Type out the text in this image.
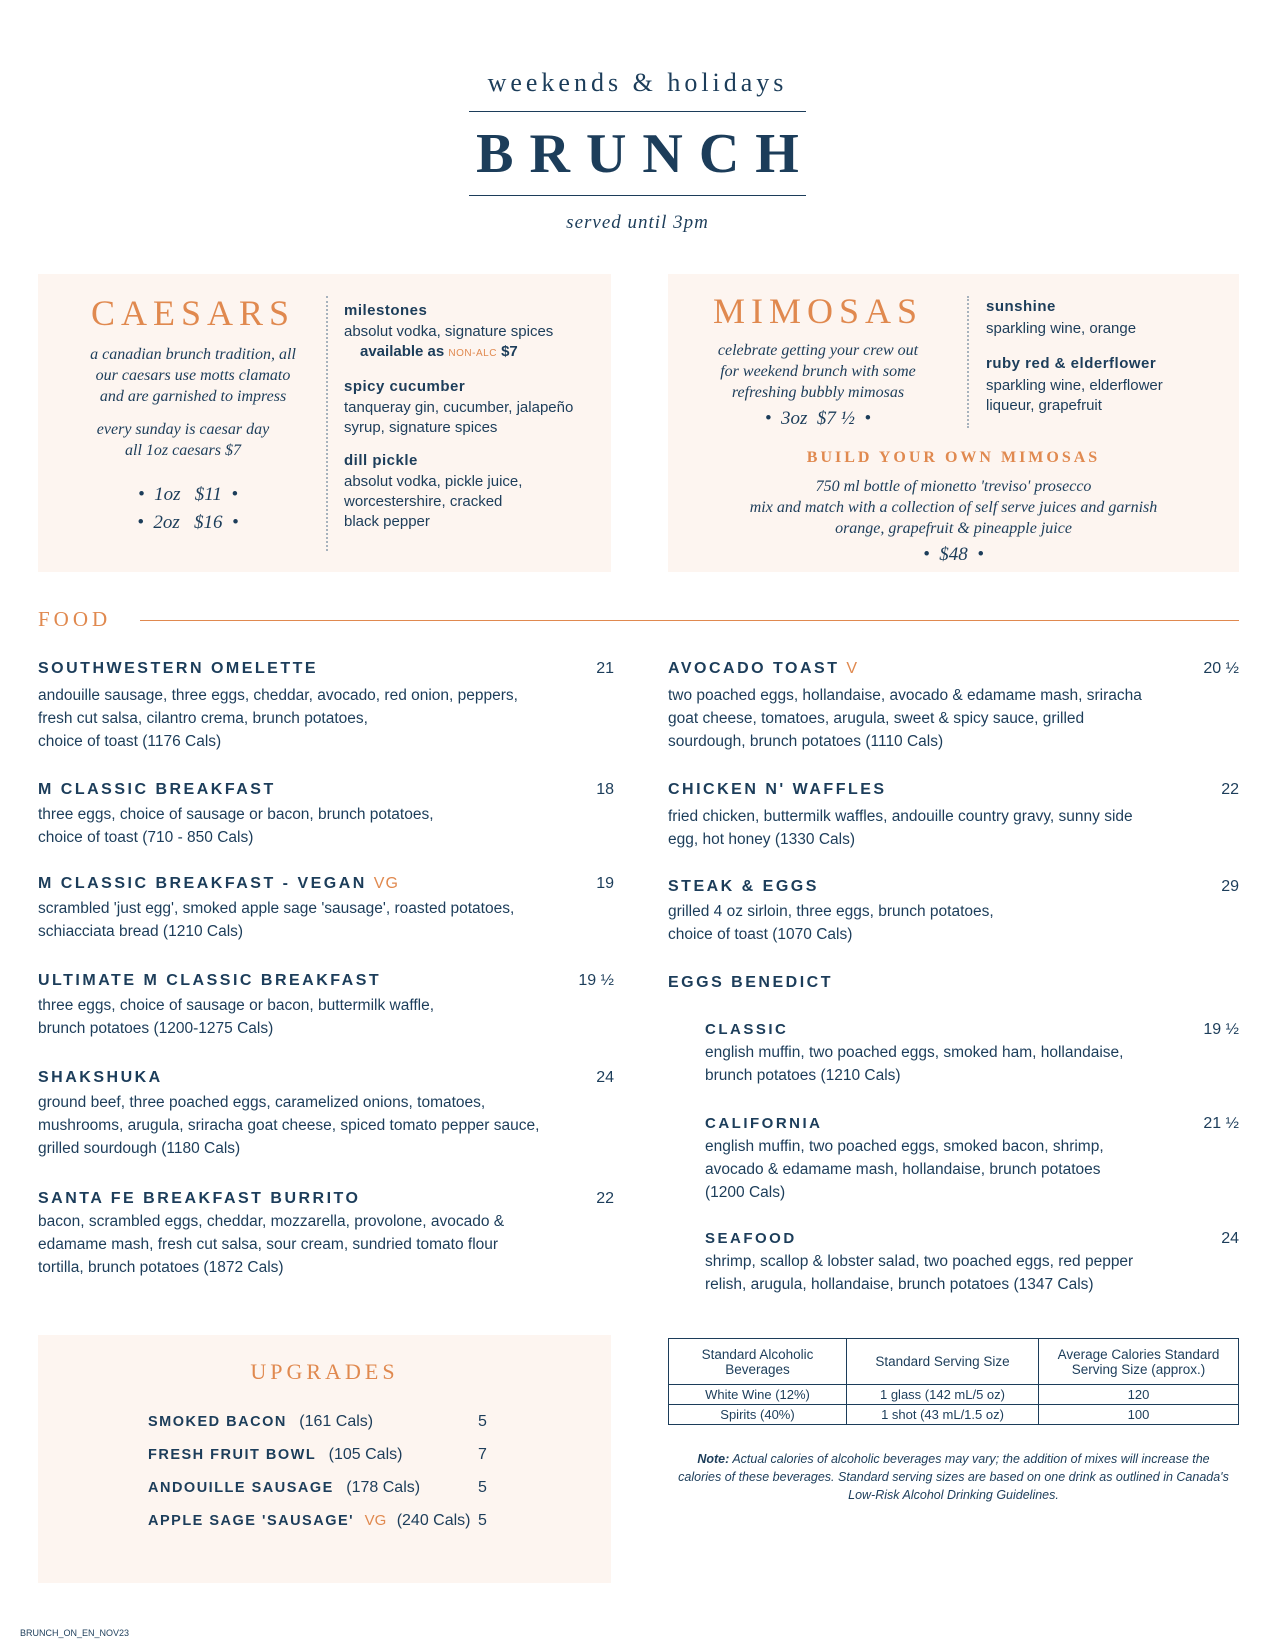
weekends & holidays
BRUNCH
served until 3pm
CAESARS
a canadian brunch tradition, all
our caesars use motts clamato
and are garnished to impress
every sunday is caesar day
all 1oz caesars $7
•  1oz   $11  •
•  2oz   $16  •
milestones
absolut vodka, signature spices
available as NON-ALC $7
spicy cucumber
tanqueray gin, cucumber, jalapeño
syrup, signature spices
dill pickle
absolut vodka, pickle juice,
worcestershire, cracked
black pepper
MIMOSAS
celebrate getting your crew out
for weekend brunch with some
refreshing bubbly mimosas
•  3oz  $7 ½  •
sunshine
sparkling wine, orange
ruby red & elderflower
sparkling wine, elderflower
liqueur, grapefruit
BUILD YOUR OWN MIMOSAS
750 ml bottle of mionetto 'treviso' prosecco
mix and match with a collection of self serve juices and garnish
orange, grapefruit & pineapple juice
•  $48  •
FOOD
SOUTHWESTERN OMELETTE	21
andouille sausage, three eggs, cheddar, avocado, red onion, peppers,
fresh cut salsa, cilantro crema, brunch potatoes,
choice of toast (1176 Cals)
M CLASSIC BREAKFAST	18
three eggs, choice of sausage or bacon, brunch potatoes,
choice of toast (710 - 850 Cals)
M CLASSIC BREAKFAST - VEGAN VG	19
scrambled 'just egg', smoked apple sage 'sausage', roasted potatoes,
schiacciata bread (1210 Cals)
ULTIMATE M CLASSIC BREAKFAST	19 ½
three eggs, choice of sausage or bacon, buttermilk waffle,
brunch potatoes (1200-1275 Cals)
SHAKSHUKA	24
ground beef, three poached eggs, caramelized onions, tomatoes,
mushrooms, arugula, sriracha goat cheese, spiced tomato pepper sauce,
grilled sourdough (1180 Cals)
SANTA FE BREAKFAST BURRITO	22
bacon, scrambled eggs, cheddar, mozzarella, provolone, avocado &
edamame mash, fresh cut salsa, sour cream, sundried tomato flour
tortilla, brunch potatoes (1872 Cals)
AVOCADO TOAST V	20 ½
two poached eggs, hollandaise, avocado & edamame mash, sriracha
goat cheese, tomatoes, arugula, sweet & spicy sauce, grilled
sourdough, brunch potatoes (1110 Cals)
CHICKEN N' WAFFLES	22
fried chicken, buttermilk waffles, andouille country gravy, sunny side
egg, hot honey (1330 Cals)
STEAK & EGGS	29
grilled 4 oz sirloin, three eggs, brunch potatoes,
choice of toast (1070 Cals)
EGGS BENEDICT
CLASSIC	19 ½
english muffin, two poached eggs, smoked ham, hollandaise,
brunch potatoes (1210 Cals)
CALIFORNIA	21 ½
english muffin, two poached eggs, smoked bacon, shrimp,
avocado & edamame mash, hollandaise, brunch potatoes
(1200 Cals)
SEAFOOD	24
shrimp, scallop & lobster salad, two poached eggs, red pepper
relish, arugula, hollandaise, brunch potatoes (1347 Cals)
UPGRADES
SMOKED BACON (161 Cals)	5
FRESH FRUIT BOWL (105 Cals)	7
ANDOUILLE SAUSAGE (178 Cals)	5
APPLE SAGE 'SAUSAGE' VG (240 Cals) 5
Standard Alcoholic Beverages	Standard Serving Size	Average Calories Standard Serving Size (approx.)
White Wine (12%)	1 glass (142 mL/5 oz)	120
Spirits (40%)	1 shot (43 mL/1.5 oz)	100
Note: Actual calories of alcoholic beverages may vary; the addition of mixes will increase the calories of these beverages. Standard serving sizes are based on one drink as outlined in Canada's Low-Risk Alcohol Drinking Guidelines.
BRUNCH_ON_EN_NOV23
